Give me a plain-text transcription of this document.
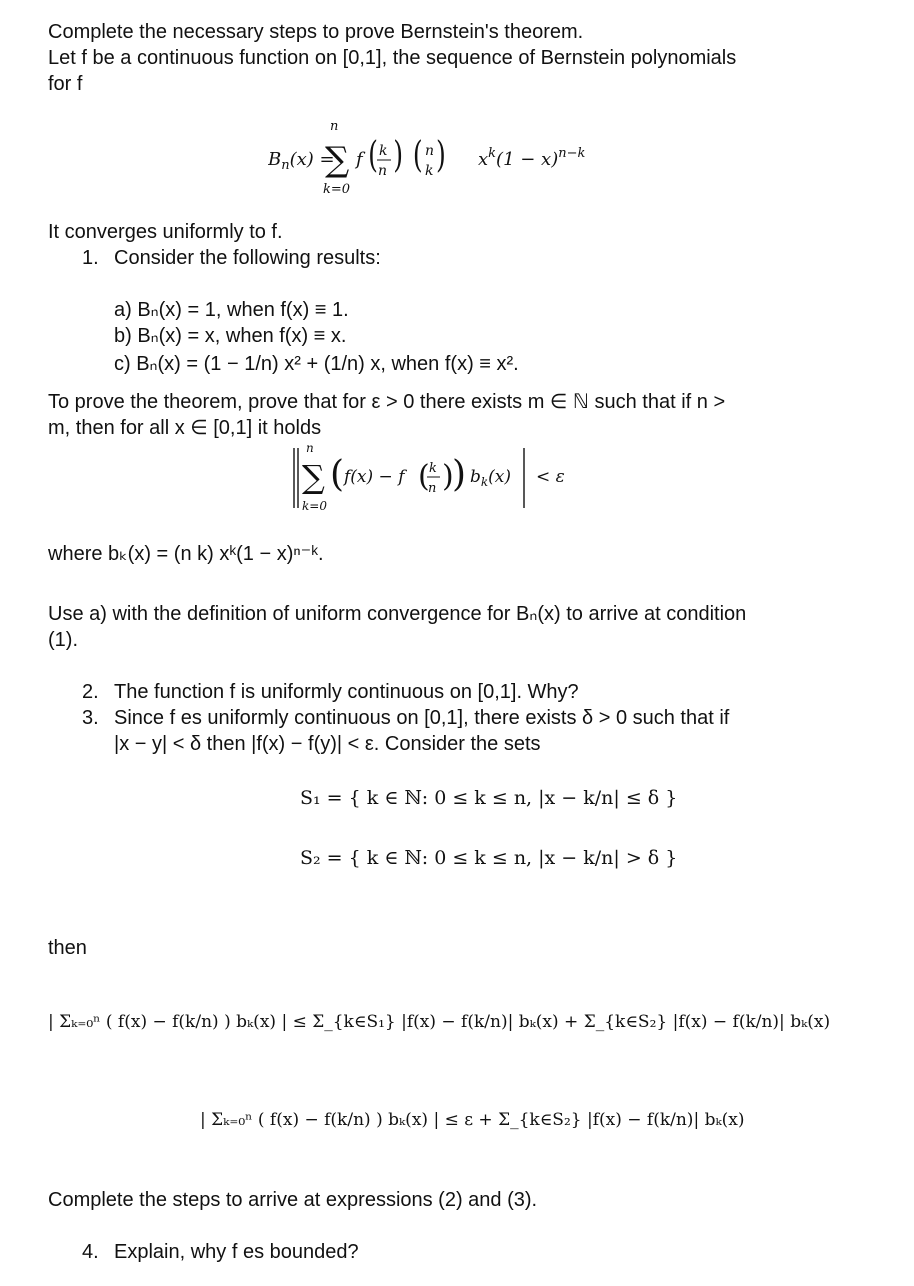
Complete the necessary steps to prove Bernstein's theorem.
Let f be a continuous function on [0,1], the sequence of Bernstein polynomials
for f
$B_n(x)$ =
n
∑
k=0
f ( k
n ) ( n
k ) $x^k(1 - x)^{n-k}$
It converges uniformly to f.
1. Consider the following results:
a) Bₙ(x) = 1, when f(x) ≡ 1.
b) Bₙ(x) = x, when f(x) ≡ x.
c) Bₙ(x) = (1 − 1/n) x² + (1/n) x, when f(x) ≡ x².
To prove the theorem, prove that for ε > 0 there exists m ∈ ℕ such that if n >
m, then for all x ∈ [0,1] it holds
n
∑
k=0
( f(x) − f ( k
n )
) $b_k(x) < \varepsilon$
where bₖ(x) = (n k) xᵏ(1 − x)ⁿ⁻ᵏ.
Use a) with the definition of uniform convergence for Bₙ(x) to arrive at condition
(1).
2. The function f is uniformly continuous on [0,1]. Why?
3. Since f es uniformly continuous on [0,1], there exists δ > 0 such that if
|x − y| < δ then |f(x) − f(y)| < ε. Consider the sets
S₁ = { k ∈ ℕ: 0 ≤ k ≤ n, |x − k/n| ≤ δ }
S₂ = { k ∈ ℕ: 0 ≤ k ≤ n, |x − k/n| > δ }
then
| Σₖ₌₀ⁿ ( f(x) − f(k/n) ) bₖ(x) | ≤ Σ_{k∈S₁} |f(x) − f(k/n)| bₖ(x) + Σ_{k∈S₂} |f(x) − f(k/n)| bₖ(x)
| Σₖ₌₀ⁿ ( f(x) − f(k/n) ) bₖ(x) | ≤ ε + Σ_{k∈S₂} |f(x) − f(k/n)| bₖ(x)
Complete the steps to arrive at expressions (2) and (3).
4. Explain, why f es bounded?
